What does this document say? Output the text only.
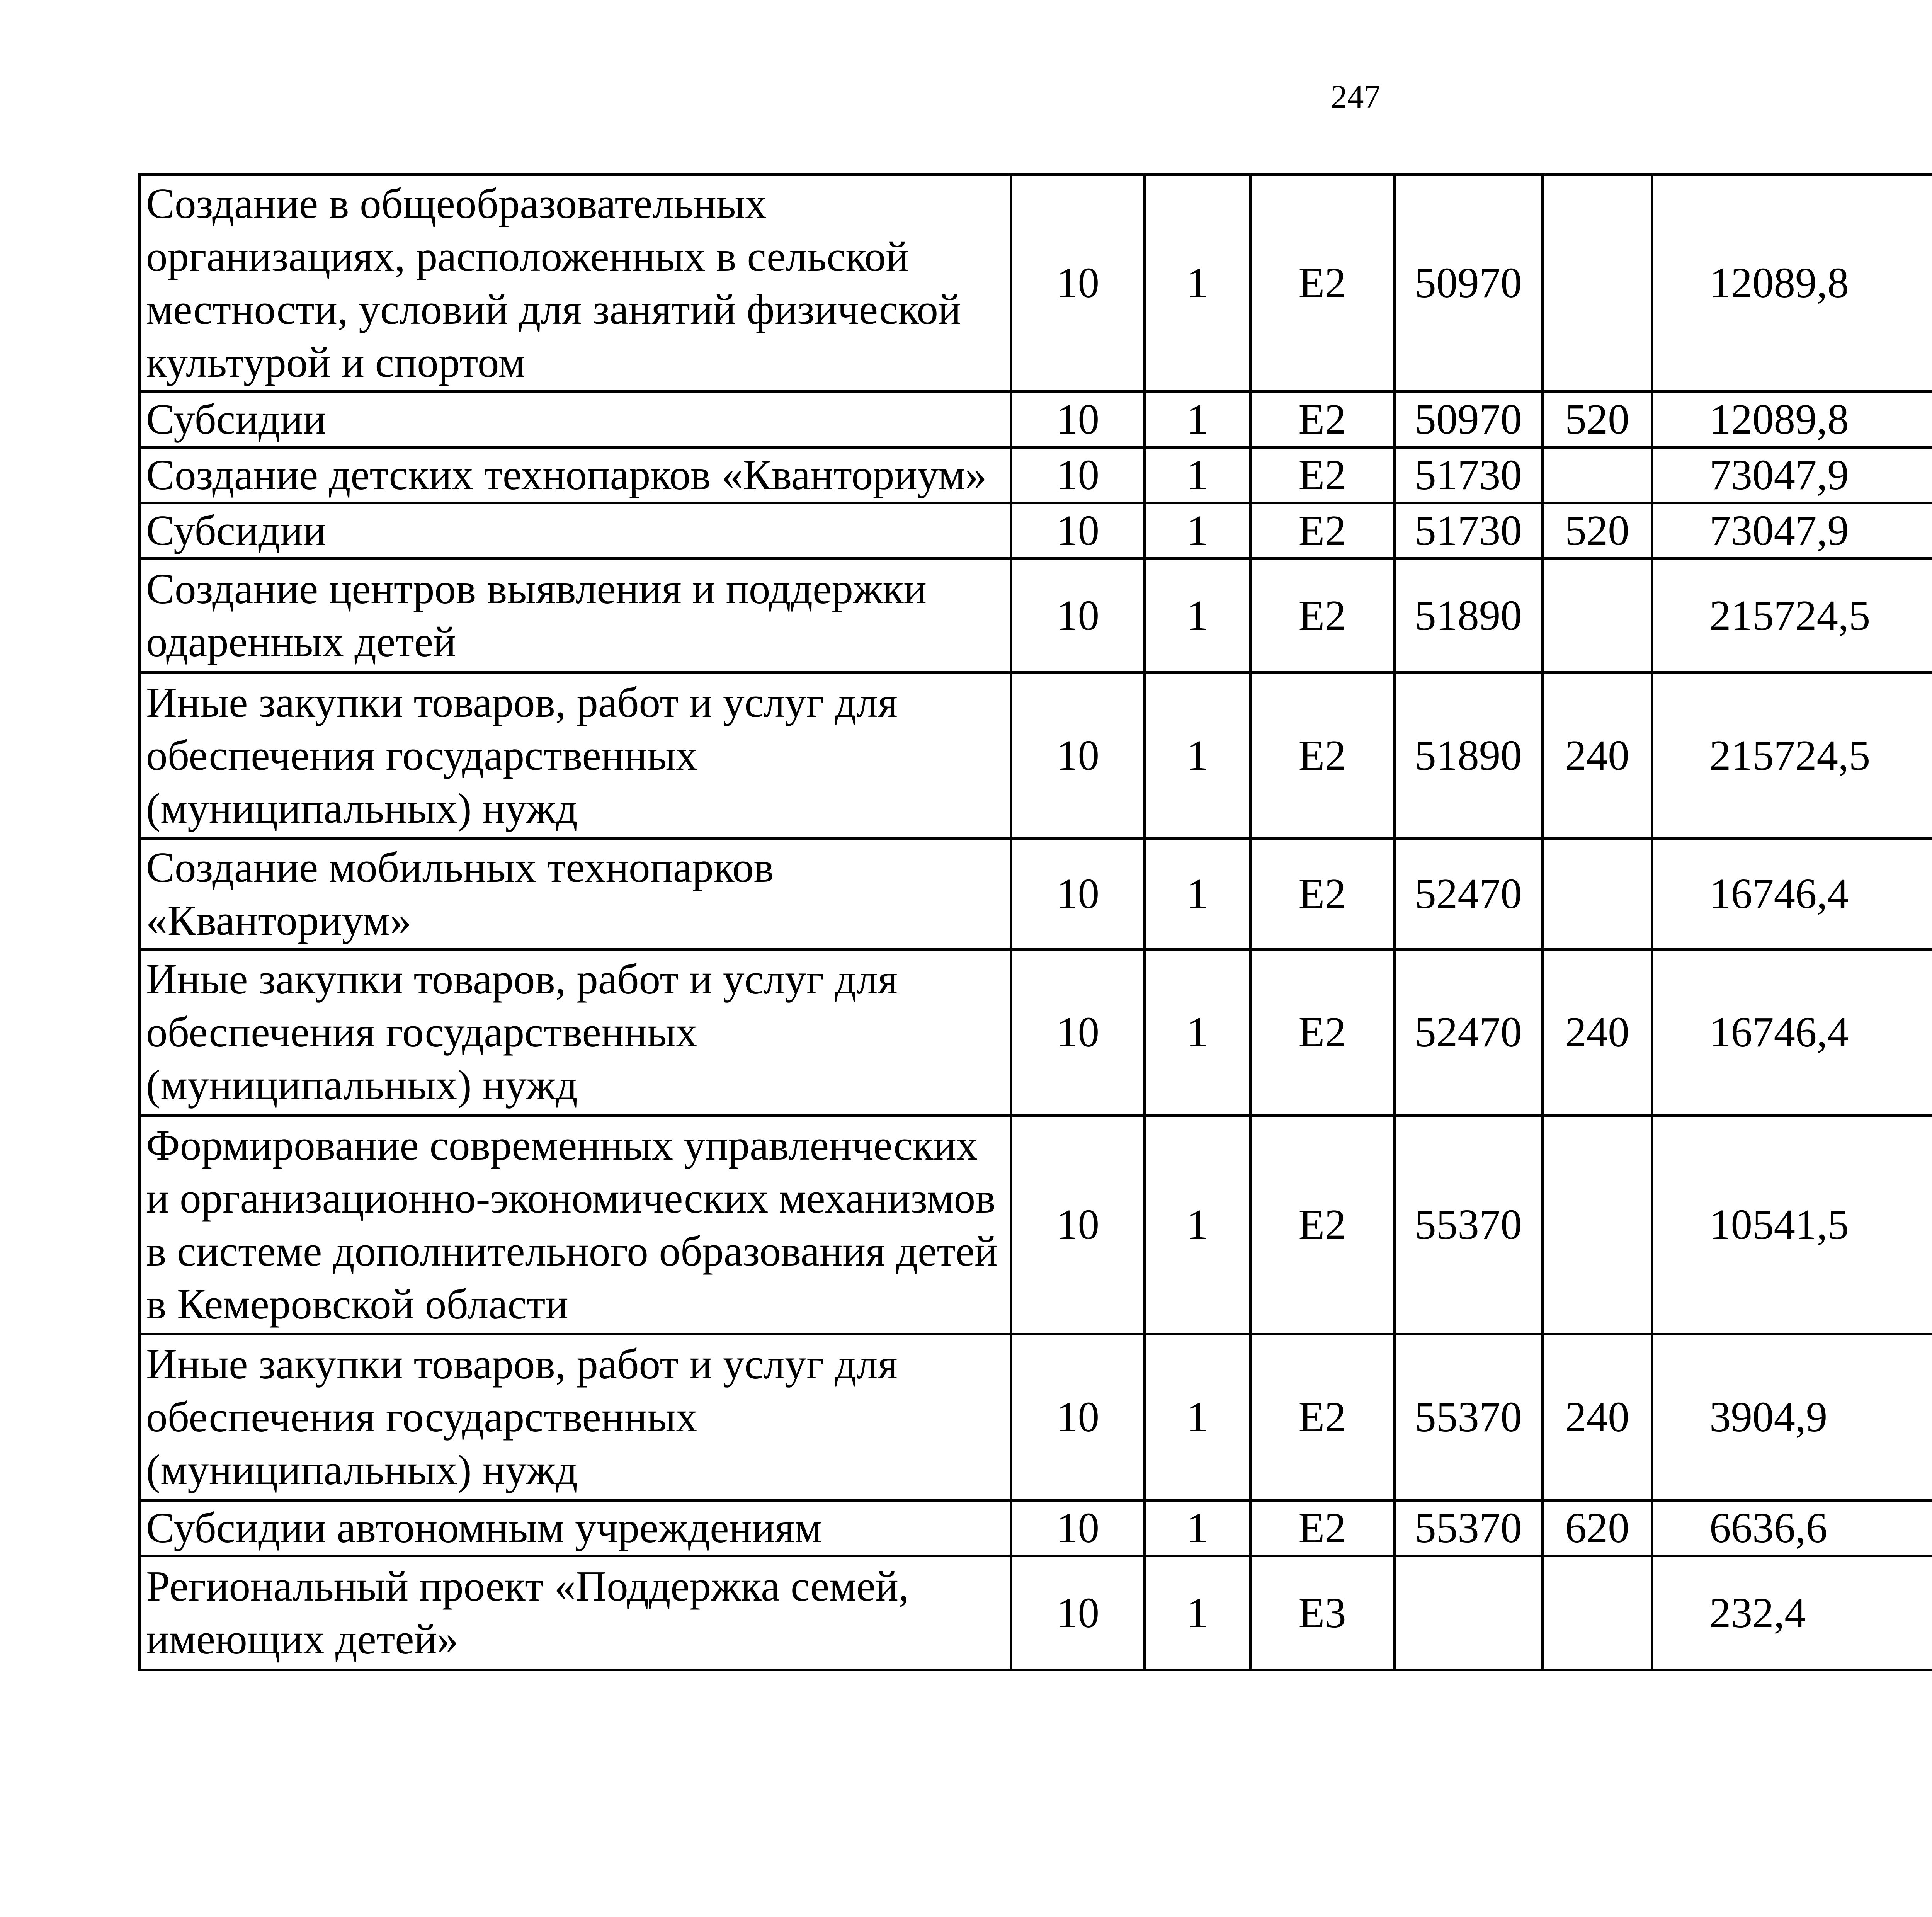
247
Создание в общеобразовательных организациях, расположенных в сельской местности, условий для занятий физической культурой и спортом	10	1	E2	50970		12089,8		
Субсидии	10	1	E2	50970	520	12089,8		
Создание детских технопарков «Кванториум»	10	1	E2	51730		73047,9		
Субсидии	10	1	E2	51730	520	73047,9		
Создание центров выявления и поддержки одаренных детей	10	1	E2	51890		215724,5		
Иные закупки товаров, работ и услуг для обеспечения государственных (муниципальных) нужд	10	1	E2	51890	240	215724,5		
Создание мобильных технопарков «Кванториум»	10	1	E2	52470		16746,4		
Иные закупки товаров, работ и услуг для обеспечения государственных (муниципальных) нужд	10	1	E2	52470	240	16746,4		
Формирование современных управленческих и организационно-экономических механизмов в системе дополнительного образования детей в Кемеровской области	10	1	E2	55370		10541,5		
Иные закупки товаров, работ и услуг для обеспечения государственных (муниципальных) нужд	10	1	E2	55370	240	3904,9		
Субсидии автономным учреждениям	10	1	E2	55370	620	6636,6		
Региональный проект «Поддержка семей, имеющих детей»	10	1	E3			232,4		
